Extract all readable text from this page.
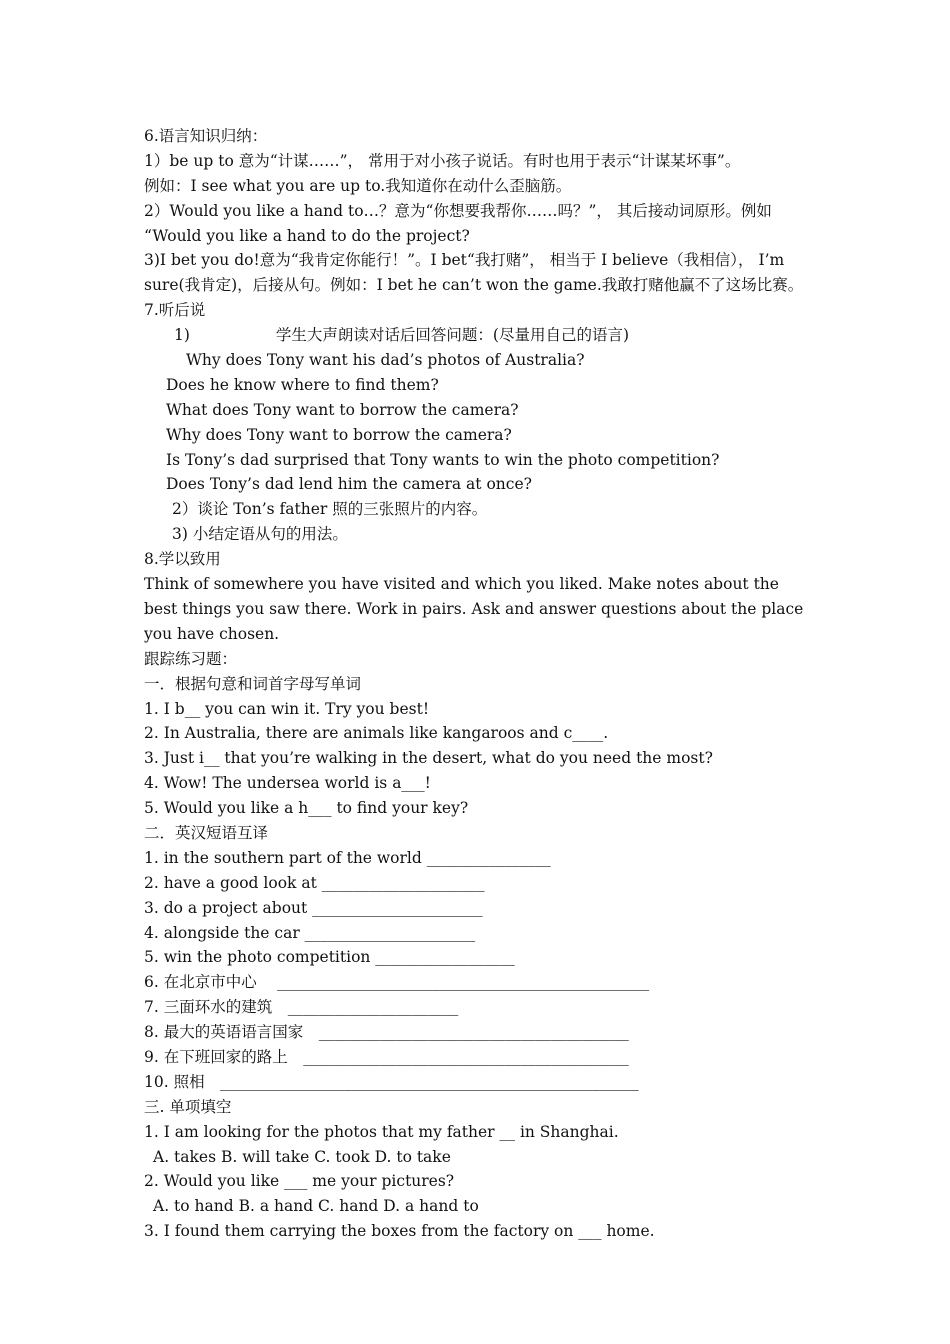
6.语言知识归纳：
1）be up to 意为“计谋……”， 常用于对小孩子说话。有时也用于表示“计谋某坏事”。
例如：I see what you are up to.我知道你在动什么歪脑筋。
2）Would you like a hand to…？意为“你想要我帮你……吗？”， 其后接动词原形。例如
“Would you like a hand to do the project?
3)I bet you do!意为“我肯定你能行！”。I bet“我打赌”， 相当于 I believe（我相信）， I’m
sure(我肯定)，后接从句。例如：I bet he can’t won the game.我敢打赌他赢不了这场比赛。
7.听后说
1)	学生大声朗读对话后回答问题：(尽量用自己的语言)
Why does Tony want his dad’s photos of Australia?
Does he know where to find them?
What does Tony want to borrow the camera?
Why does Tony want to borrow the camera?
Is Tony’s dad surprised that Tony wants to win the photo competition?
Does Tony’s dad lend him the camera at once?
2）谈论 Ton’s father 照的三张照片的内容。
3) 小结定语从句的用法。
8.学以致用
Think of somewhere you have visited and which you liked. Make notes about the best things you saw there. Work in pairs. Ask and answer questions about the place you have chosen.
跟踪练习题：
一．根据句意和词首字母写单词
1. I b__ you can win it. Try you best!
2. In Australia, there are animals like kangaroos and c____.
3. Just i__ that you’re walking in the desert, what do you need the most?
4. Wow! The undersea world is a___!
5. Would you like a h___ to find your key?
二．英汉短语互译
1. in the southern part of the world ________________
2. have a good look at _____________________
3. do a project about ______________________
4. alongside the car ______________________
5. win the photo competition __________________
6. 在北京市中心　 ________________________________________________
7. 三面环水的建筑　______________________
8. 最大的英语语言国家　________________________________________
9. 在下班回家的路上　__________________________________________
10. 照相　______________________________________________________
三. 单项填空
1. I am looking for the photos that my father __ in Shanghai.
A. takes B. will take C. took D. to take
2. Would you like ___ me your pictures?
A. to hand B. a hand C. hand D. a hand to
3. I found them carrying the boxes from the factory on ___ home.
